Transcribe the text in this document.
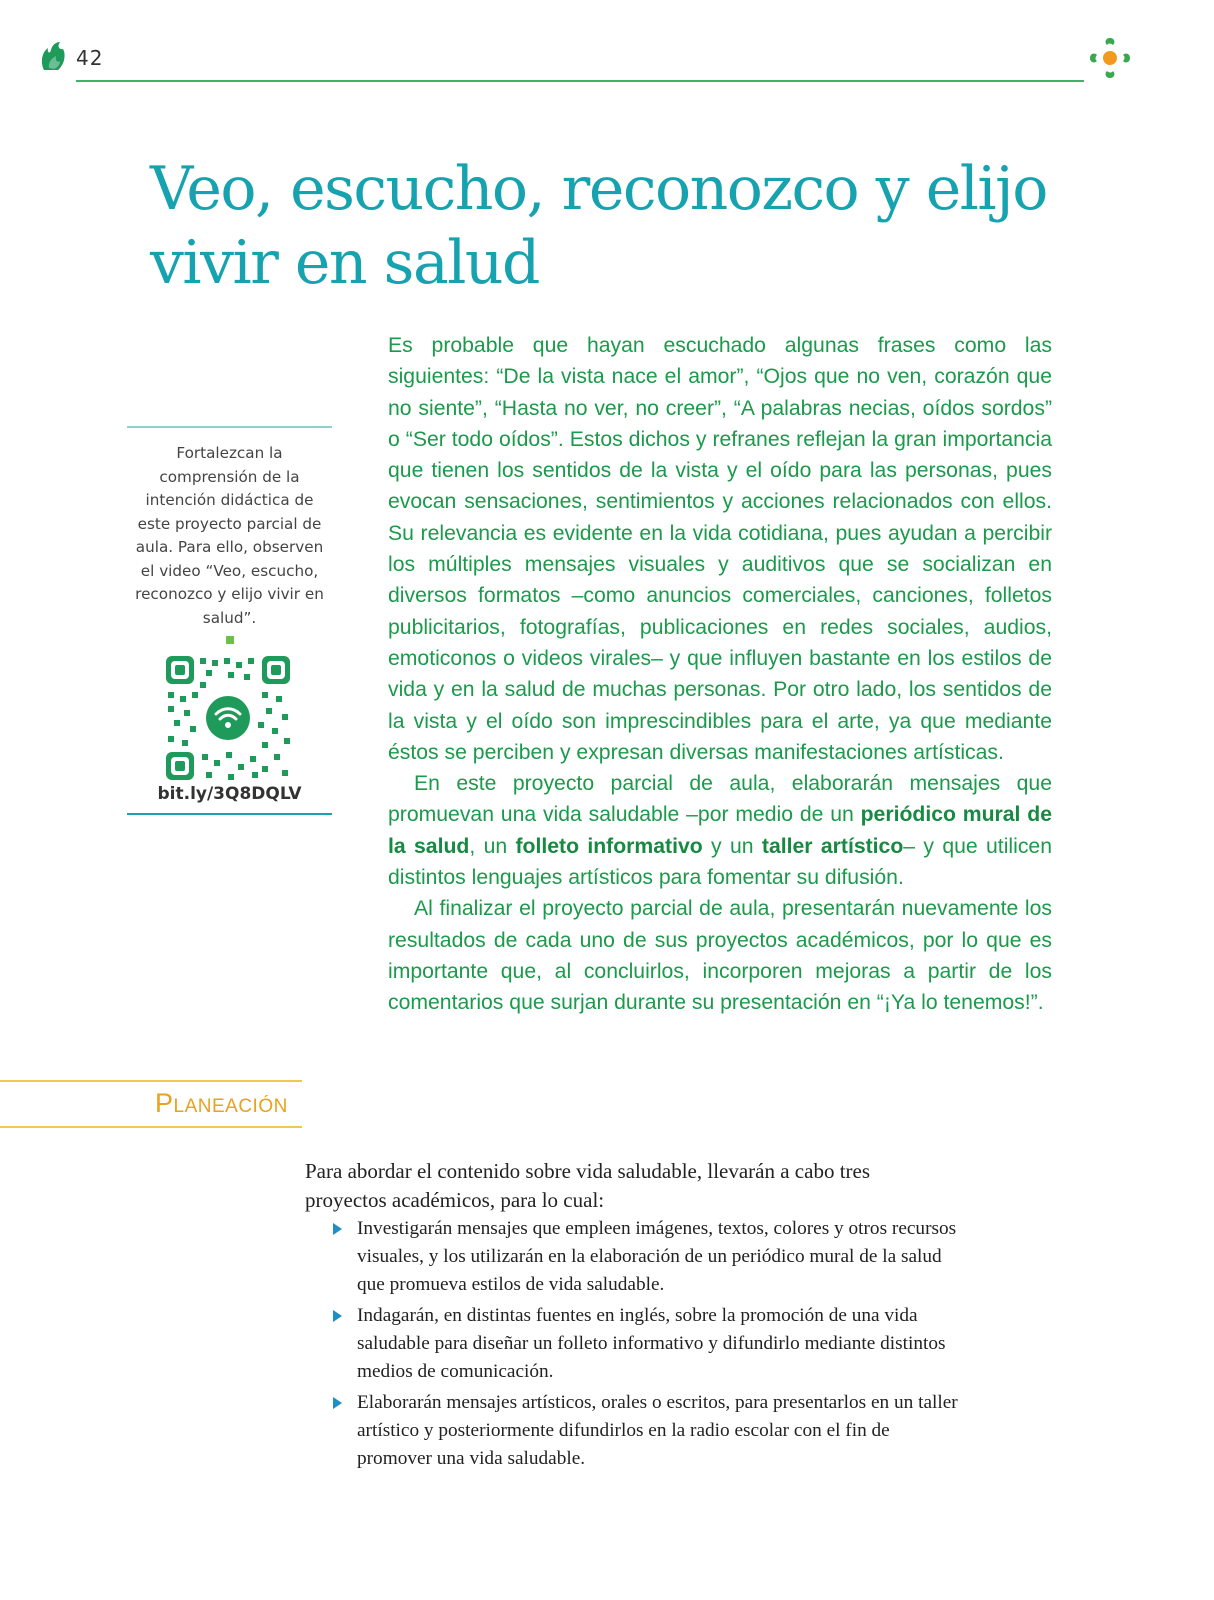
42
Veo, escucho, reconozco y elijo
vivir en salud

Es probable que hayan escuchado algunas frases como las siguientes: “De la vista nace el amor”, “Ojos que no ven, corazón que no siente”, “Hasta no ver, no creer”, “A palabras necias, oídos sordos” o “Ser todo oídos”. Estos dichos y refranes reflejan la gran importancia que tienen los sentidos de la vista y el oído para las personas, pues evocan sensaciones, sentimientos y acciones relacionados con ellos. Su relevancia es evidente en la vida cotidiana, pues ayudan a percibir los múltiples mensajes visuales y auditivos que se socializan en diversos formatos –como anuncios comerciales, canciones, folletos publicitarios, fotografías, publicaciones en redes sociales, audios, emoticonos o videos virales– y que influyen bastante en los estilos de vida y en la salud de muchas personas. Por otro lado, los sentidos de la vista y el oído son imprescindibles para el arte, ya que mediante éstos se perciben y expresan diversas manifestaciones artísticas.

En este proyecto parcial de aula, elaborarán mensajes que promuevan una vida saludable –por medio de un periódico mural de la salud, un folleto informativo y un taller artístico– y que utilicen distintos lenguajes artísticos para fomentar su difusión.

Al finalizar el proyecto parcial de aula, presentarán nuevamente los resultados de cada uno de sus proyectos académicos, por lo que es importante que, al concluirlos, incorporen mejoras a partir de los comentarios que surjan durante su presentación en “¡Ya lo tenemos!”.

Fortalezcan la comprensión de la intención didáctica de este proyecto parcial de aula. Para ello, observen el video “Veo, escucho, reconozco y elijo vivir en salud”.

bit.ly/3Q8DQLV
Planeación

Para abordar el contenido sobre vida saludable, llevarán a cabo tres proyectos académicos, para lo cual:

Investigarán mensajes que empleen imágenes, textos, colores y otros recursos visuales, y los utilizarán en la elaboración de un periódico mural de la salud que promueva estilos de vida saludable.
Indagarán, en distintas fuentes en inglés, sobre la promoción de una vida saludable para diseñar un folleto informativo y difundirlo mediante distintos medios de comunicación.
Elaborarán mensajes artísticos, orales o escritos, para presentarlos en un taller artístico y posteriormente difundirlos en la radio escolar con el fin de promover una vida saludable.
